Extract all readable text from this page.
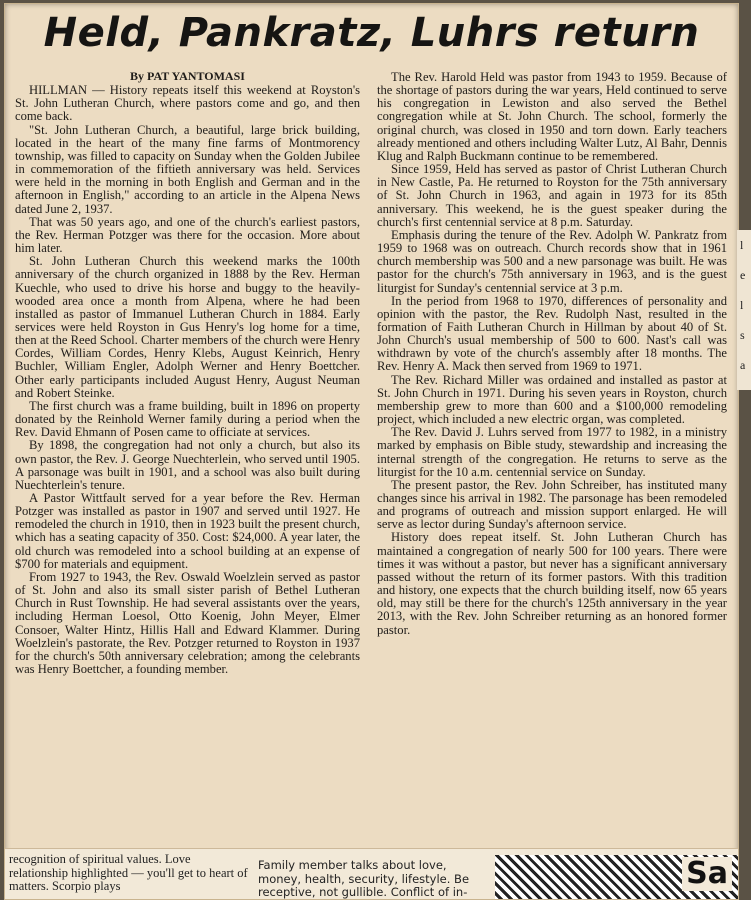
Held, Pankratz, Luhrs return
By PAT YANTOMASI

HILLMAN — History repeats itself this weekend at Royston's St. John Lutheran Church, where pastors come and go, and then come back.

"St. John Lutheran Church, a beautiful, large brick building, located in the heart of the many fine farms of Montmorency township, was filled to capacity on Sunday when the Golden Jubilee in commemoration of the fiftieth anniversary was held. Services were held in the morning in both English and German and in the afternoon in English," according to an article in the Alpena News dated June 2, 1937.

That was 50 years ago, and one of the church's earliest pastors, the Rev. Herman Potzger was there for the occasion. More about him later.

St. John Lutheran Church this weekend marks the 100th anniversary of the church organized in 1888 by the Rev. Herman Kuechle, who used to drive his horse and buggy to the heavily-wooded area once a month from Alpena, where he had been installed as pastor of Immanuel Lutheran Church in 1884. Early services were held Royston in Gus Henry's log home for a time, then at the Reed School. Charter members of the church were Henry Cordes, William Cordes, Henry Klebs, August Keinrich, Henry Buchler, William Engler, Adolph Werner and Henry Boettcher. Other early participants included August Henry, August Neuman and Robert Steinke.

The first church was a frame building, built in 1896 on property donated by the Reinhold Werner family during a period when the Rev. David Ehmann of Posen came to officiate at services.

By 1898, the congregation had not only a church, but also its own pastor, the Rev. J. George Nuechterlein, who served until 1905. A parsonage was built in 1901, and a school was also built during Nuechterlein's tenure.

A Pastor Wittfault served for a year before the Rev. Herman Potzger was installed as pastor in 1907 and served until 1927. He remodeled the church in 1910, then in 1923 built the present church, which has a seating capacity of 350. Cost: $24,000. A year later, the old church was remodeled into a school building at an expense of $700 for materials and equipment.

From 1927 to 1943, the Rev. Oswald Woelzlein served as pastor of St. John and also its small sister parish of Bethel Lutheran Church in Rust Township. He had several assistants over the years, including Herman Loesol, Otto Koenig, John Meyer, Elmer Consoer, Walter Hintz, Hillis Hall and Edward Klammer. During Woelzlein's pastorate, the Rev. Potzger returned to Royston in 1937 for the church's 50th anniversary celebration; among the celebrants was Henry Boettcher, a founding member.

The Rev. Harold Held was pastor from 1943 to 1959. Because of the shortage of pastors during the war years, Held continued to serve his congregation in Lewiston and also served the Bethel congregation while at St. John Church. The school, formerly the original church, was closed in 1950 and torn down. Early teachers already mentioned and others including Walter Lutz, Al Bahr, Dennis Klug and Ralph Buckmann continue to be remembered.

Since 1959, Held has served as pastor of Christ Lutheran Church in New Castle, Pa. He returned to Royston for the 75th anniversary of St. John Church in 1963, and again in 1973 for its 85th anniversary. This weekend, he is the guest speaker during the church's first centennial service at 8 p.m. Saturday.

Emphasis during the tenure of the Rev. Adolph W. Pankratz from 1959 to 1968 was on outreach. Church records show that in 1961 church membership was 500 and a new parsonage was built. He was pastor for the church's 75th anniversary in 1963, and is the guest liturgist for Sunday's centennial service at 3 p.m.

In the period from 1968 to 1970, differences of personality and opinion with the pastor, the Rev. Rudolph Nast, resulted in the formation of Faith Lutheran Church in Hillman by about 40 of St. John Church's usual membership of 500 to 600. Nast's call was withdrawn by vote of the church's assembly after 18 months. The Rev. Henry A. Mack then served from 1969 to 1971.

The Rev. Richard Miller was ordained and installed as pastor at St. John Church in 1971. During his seven years in Royston, church membership grew to more than 600 and a $100,000 remodeling project, which included a new electric organ, was completed.

The Rev. David J. Luhrs served from 1977 to 1982, in a ministry marked by emphasis on Bible study, stewardship and increasing the internal strength of the congregation. He returns to serve as the liturgist for the 10 a.m. centennial service on Sunday.

The present pastor, the Rev. John Schreiber, has instituted many changes since his arrival in 1982. The parsonage has been remodeled and programs of outreach and mission support enlarged. He will serve as lector during Sunday's afternoon service.

History does repeat itself. St. John Lutheran Church has maintained a congregation of nearly 500 for 100 years. There were times it was without a pastor, but never has a significant anniversary passed without the return of its former pastors. With this tradition and history, one expects that the church building itself, now 65 years old, may still be there for the church's 125th anniversary in the year 2013, with the Rev. John Schreiber returning as an honored former pastor.

recognition of spiritual values. Love relationship highlighted — you'll get to heart of matters. Scorpio plays

Family member talks about love, money, health, security, lifestyle. Be receptive, not gullible. Conflict of in-

Sa
l
e
l
s
a
